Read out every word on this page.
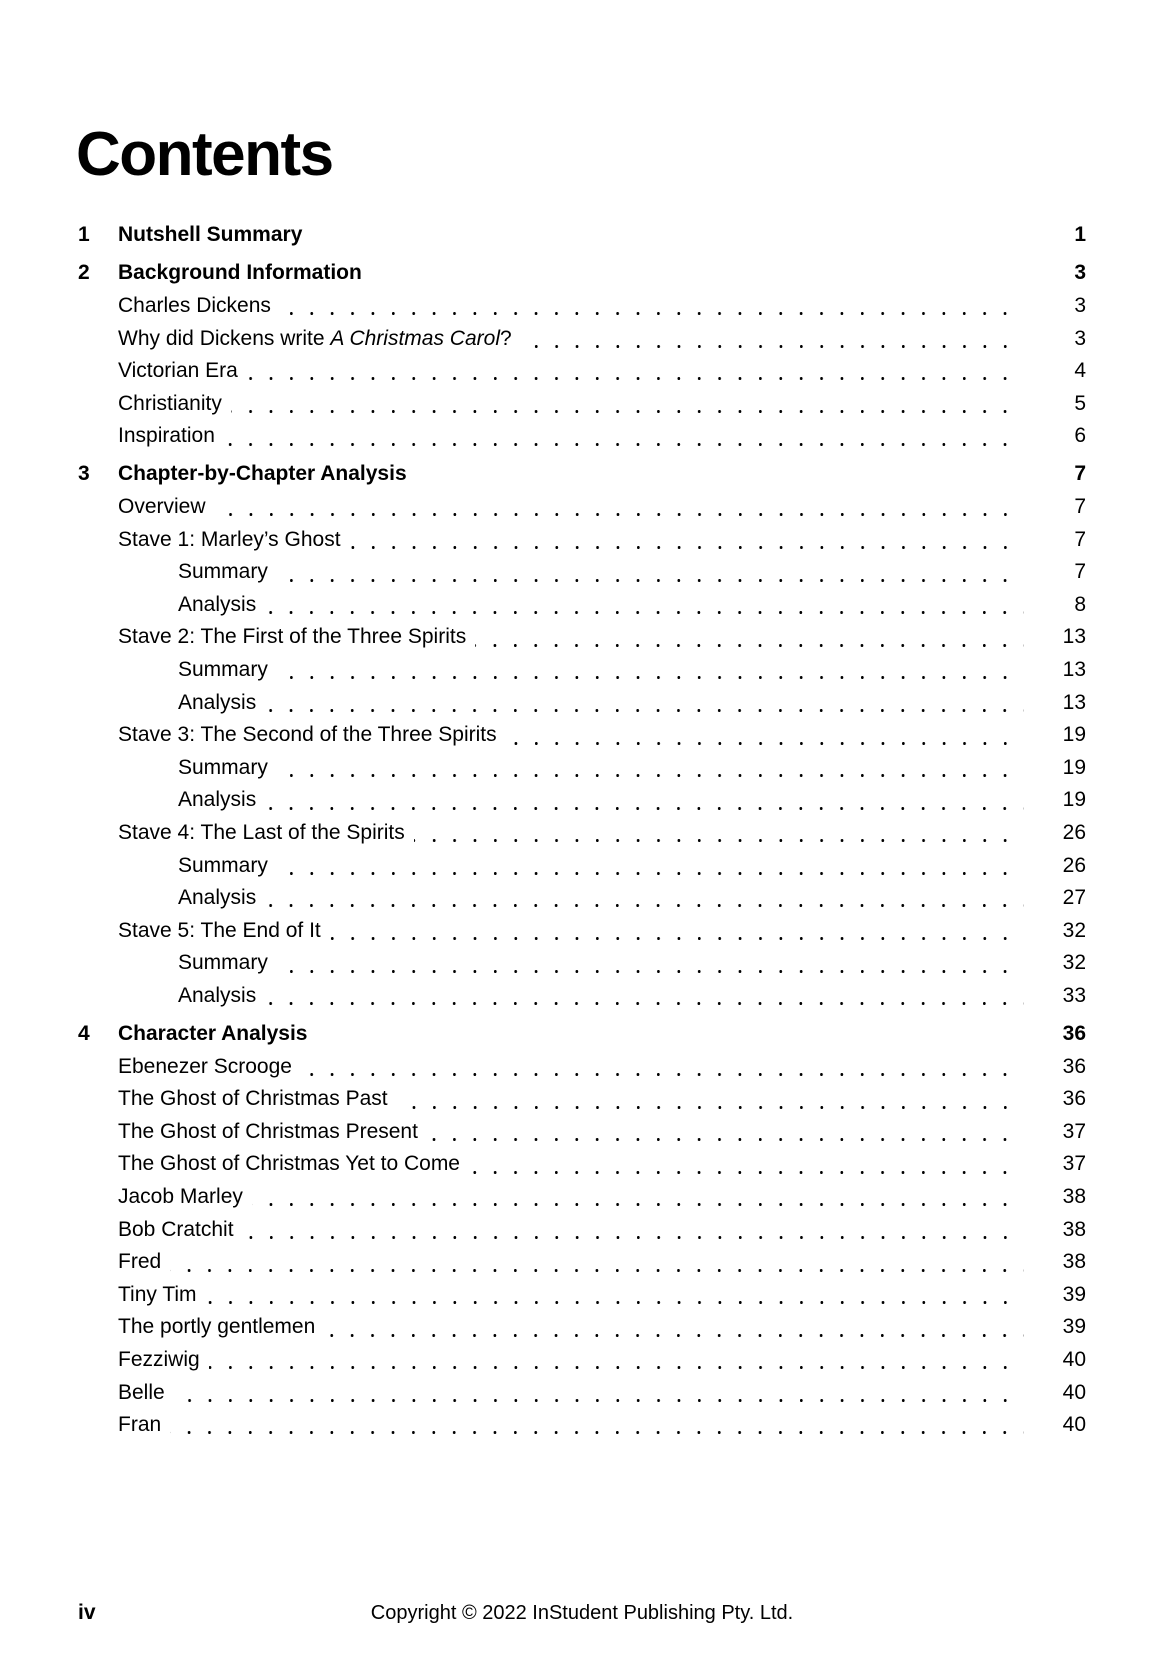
Contents
1	Nutshell Summary	1
2	Background Information	3
Charles Dickens	3
Why did Dickens write A Christmas Carol?	3
Victorian Era	4
Christianity	5
Inspiration	6
3	Chapter-by-Chapter Analysis	7
Overview	7
Stave 1: Marley’s Ghost	7
Summary	7
Analysis	8
Stave 2: The First of the Three Spirits	13
Summary	13
Analysis	13
Stave 3: The Second of the Three Spirits	19
Summary	19
Analysis	19
Stave 4: The Last of the Spirits	26
Summary	26
Analysis	27
Stave 5: The End of It	32
Summary	32
Analysis	33
4	Character Analysis	36
Ebenezer Scrooge	36
The Ghost of Christmas Past	36
The Ghost of Christmas Present	37
The Ghost of Christmas Yet to Come	37
Jacob Marley	38
Bob Cratchit	38
Fred	38
Tiny Tim	39
The portly gentlemen	39
Fezziwig	40
Belle	40
Fran	40
iv	Copyright © 2022 InStudent Publishing Pty. Ltd.
